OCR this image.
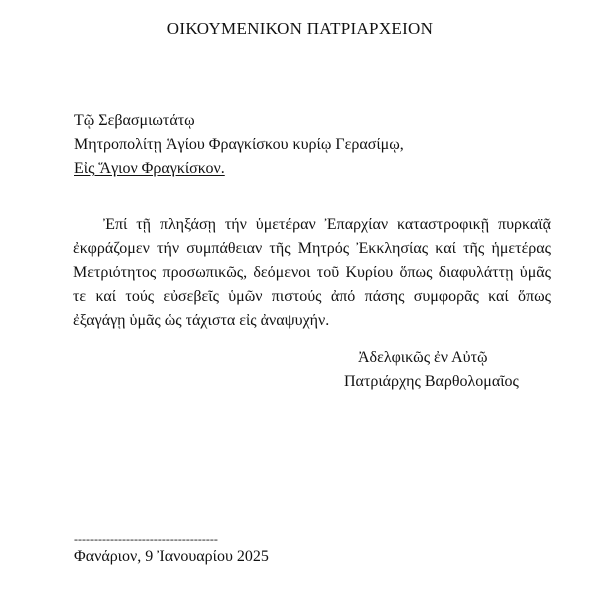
ΟΙΚΟΥΜΕΝΙΚΟΝ ΠΑΤΡΙΑΡΧΕΙΟΝ
Τῷ Σεβασμιωτάτῳ
Μητροπολίτῃ Ἁγίου Φραγκίσκου κυρίῳ Γερασίμῳ,
Εἰς Ἅγιον Φραγκίσκον.
Ἐπί τῇ πληξάσῃ τήν ὑμετέραν Ἐπαρχίαν καταστροφικῇ πυρκαϊᾷ ἐκφράζομεν τήν συμπάθειαν τῆς Μητρός Ἐκκλησίας καί τῆς ἡμετέρας Μετριότητος προσωπικῶς, δεόμενοι τοῦ Κυρίου ὅπως διαφυλάττῃ ὑμᾶς τε καί τούς εὐσεβεῖς ὑμῶν πιστούς ἀπό πάσης συμφορᾶς καί ὅπως ἐξαγάγῃ ὑμᾶς ὡς τάχιστα εἰς ἀναψυχήν.
Ἀδελφικῶς ἐν Αὐτῷ
Πατριάρχης Βαρθολομαῖος
------------------------------------
Φανάριον, 9 Ἰανουαρίου 2025
